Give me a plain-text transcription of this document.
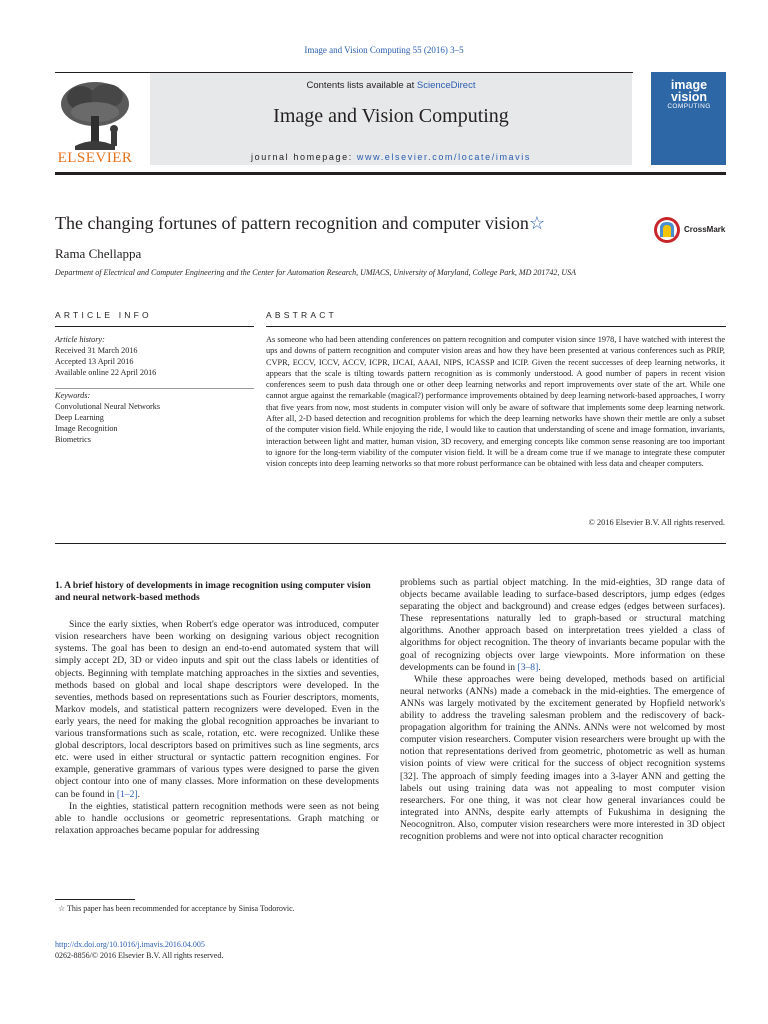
Image and Vision Computing 55 (2016) 3–5
ELSEVIER
Contents lists available at ScienceDirect
Image and Vision Computing
journal homepage: www.elsevier.com/locate/imavis
image
vision
COMPUTING
The changing fortunes of pattern recognition and computer vision☆	CrossMark
Rama Chellappa
Department of Electrical and Computer Engineering and the Center for Automation Research, UMIACS, University of Maryland, College Park, MD 201742, USA
ARTICLE INFO	ABSTRACT
Article history:
Received 31 March 2016
Accepted 13 April 2016
Available online 22 April 2016
Keywords:
Convolutional Neural Networks
Deep Learning
Image Recognition
Biometrics
As someone who had been attending conferences on pattern recognition and computer vision since 1978, I have watched with interest the ups and downs of pattern recognition and computer vision areas and how they have been presented at various conferences such as PRIP, CVPR, ECCV, ICCV, ACCV, ICPR, IJCAI, AAAI, NIPS, ICASSP and ICIP. Given the recent successes of deep learning networks, it appears that the scale is tilting towards pattern recognition as is commonly understood. A good number of papers in recent vision conferences seem to push data through one or other deep learning networks and report improvements over state of the art. While one cannot argue against the remarkable (magical?) performance improvements obtained by deep learning network-based approaches, I worry that five years from now, most students in computer vision will only be aware of software that implements some deep learning network. After all, 2-D based detection and recognition problems for which the deep learning networks have shown their mettle are only a subset of the computer vision field. While enjoying the ride, I would like to caution that understanding of scene and image formation, invariants, interaction between light and matter, human vision, 3D recovery, and emerging concepts like common sense reasoning are too important to ignore for the long-term viability of the computer vision field. It will be a dream come true if we manage to integrate these computer vision concepts into deep learning networks so that more robust performance can be obtained with less data and cheaper computers.
© 2016 Elsevier B.V. All rights reserved.
1. A brief history of developments in image recognition using computer vision and neural network-based methods

Since the early sixties, when Robert's edge operator was introduced, computer vision researchers have been working on designing various object recognition systems. The goal has been to design an end-to-end automated system that will simply accept 2D, 3D or video inputs and spit out the class labels or identities of objects. Beginning with template matching approaches in the sixties and seventies, methods based on global and local shape descriptors were developed. In the seventies, methods based on representations such as Fourier descriptors, moments, Markov models, and statistical pattern recognizers were developed. Even in the early years, the need for making the global recognition approaches be invariant to various transformations such as scale, rotation, etc. were recognized. Unlike these global descriptors, local descriptors based on primitives such as line segments, arcs etc. were used in either structural or syntactic pattern recognition engines. For example, generative grammars of various types were designed to parse the given object contour into one of many classes. More information on these developments can be found in [1–2].

In the eighties, statistical pattern recognition methods were seen as not being able to handle occlusions or geometric representations. Graph matching or relaxation approaches became popular for addressing

problems such as partial object matching. In the mid-eighties, 3D range data of objects became available leading to surface-based descriptors, jump edges (edges separating the object and background) and crease edges (edges between surfaces). These representations naturally led to graph-based or structural matching algorithms. Another approach based on interpretation trees yielded a class of algorithms for object recognition. The theory of invariants became popular with the goal of recognizing objects over large viewpoints. More information on these developments can be found in [3–8].

While these approaches were being developed, methods based on artificial neural networks (ANNs) made a comeback in the mid-eighties. The emergence of ANNs was largely motivated by the excitement generated by Hopfield network's ability to address the traveling salesman problem and the rediscovery of back-propagation algorithm for training the ANNs. ANNs were not welcomed by most computer vision researchers. Computer vision researchers were brought up with the notion that representations derived from geometric, photometric as well as human vision points of view were critical for the success of object recognition systems [32]. The approach of simply feeding images into a 3-layer ANN and getting the labels out using training data was not appealing to most computer vision researchers. For one thing, it was not clear how general invariances could be integrated into ANNs, despite early attempts of Fukushima in designing the Neocognitron. Also, computer vision researchers were more interested in 3D object recognition problems and were not into optical character recognition

☆ This paper has been recommended for acceptance by Sinisa Todorovic.
http://dx.doi.org/10.1016/j.imavis.2016.04.005
0262-8856/© 2016 Elsevier B.V. All rights reserved.
